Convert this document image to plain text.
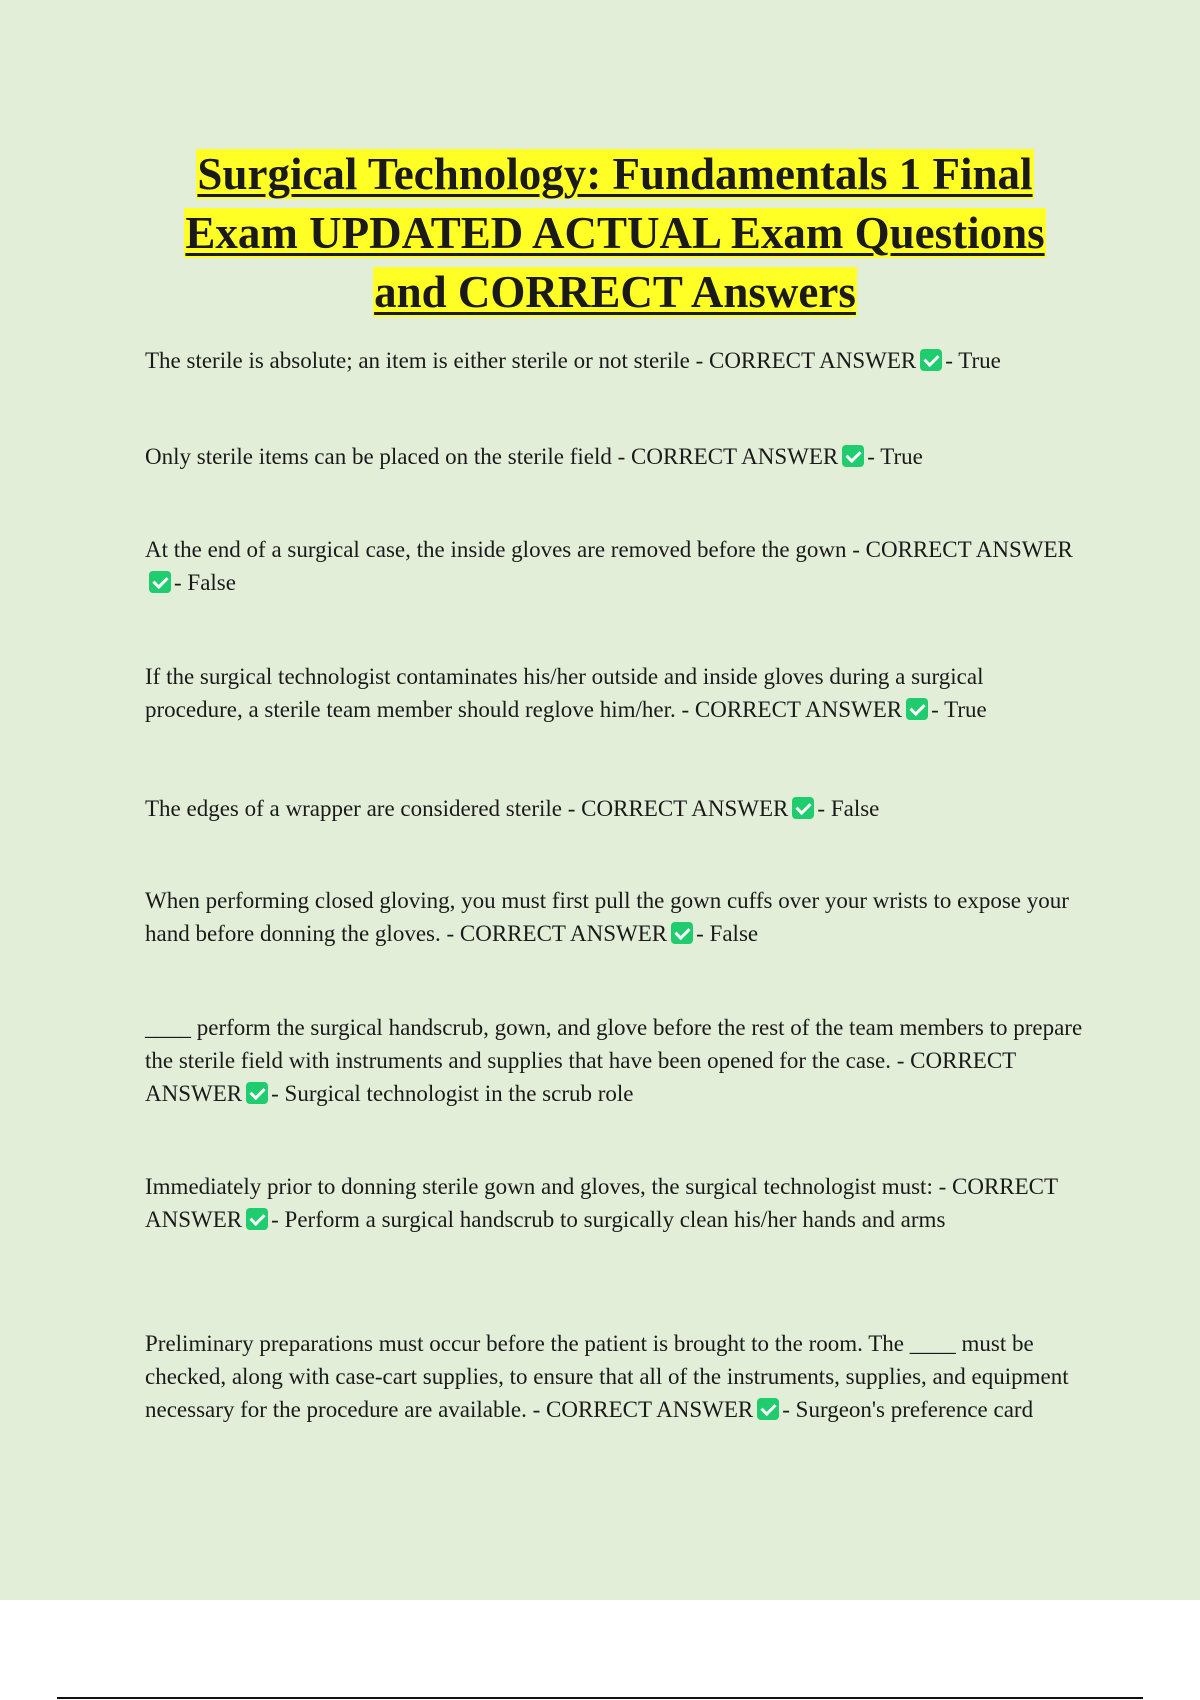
Surgical Technology: Fundamentals 1 Final
Exam UPDATED ACTUAL Exam Questions
and CORRECT Answers

The sterile is absolute; an item is either sterile or not sterile - CORRECT ANSWER - True

Only sterile items can be placed on the sterile field - CORRECT ANSWER - True

At the end of a surgical case, the inside gloves are removed before the gown - CORRECT ANSWER- False

If the surgical technologist contaminates his/her outside and inside gloves during a surgical procedure, a sterile team member should reglove him/her. - CORRECT ANSWER - True

The edges of a wrapper are considered sterile - CORRECT ANSWER - False

When performing closed gloving, you must first pull the gown cuffs over your wrists to expose your hand before donning the gloves. - CORRECT ANSWER - False

____ perform the surgical handscrub, gown, and glove before the rest of the team members to prepare the sterile field with instruments and supplies that have been opened for the case. - CORRECT ANSWER - Surgical technologist in the scrub role

Immediately prior to donning sterile gown and gloves, the surgical technologist must: - CORRECT ANSWER - Perform a surgical handscrub to surgically clean his/her hands and arms

Preliminary preparations must occur before the patient is brought to the room. The ____ must be checked, along with case-cart supplies, to ensure that all of the instruments, supplies, and equipment necessary for the procedure are available. - CORRECT ANSWER - Surgeon's preference card
